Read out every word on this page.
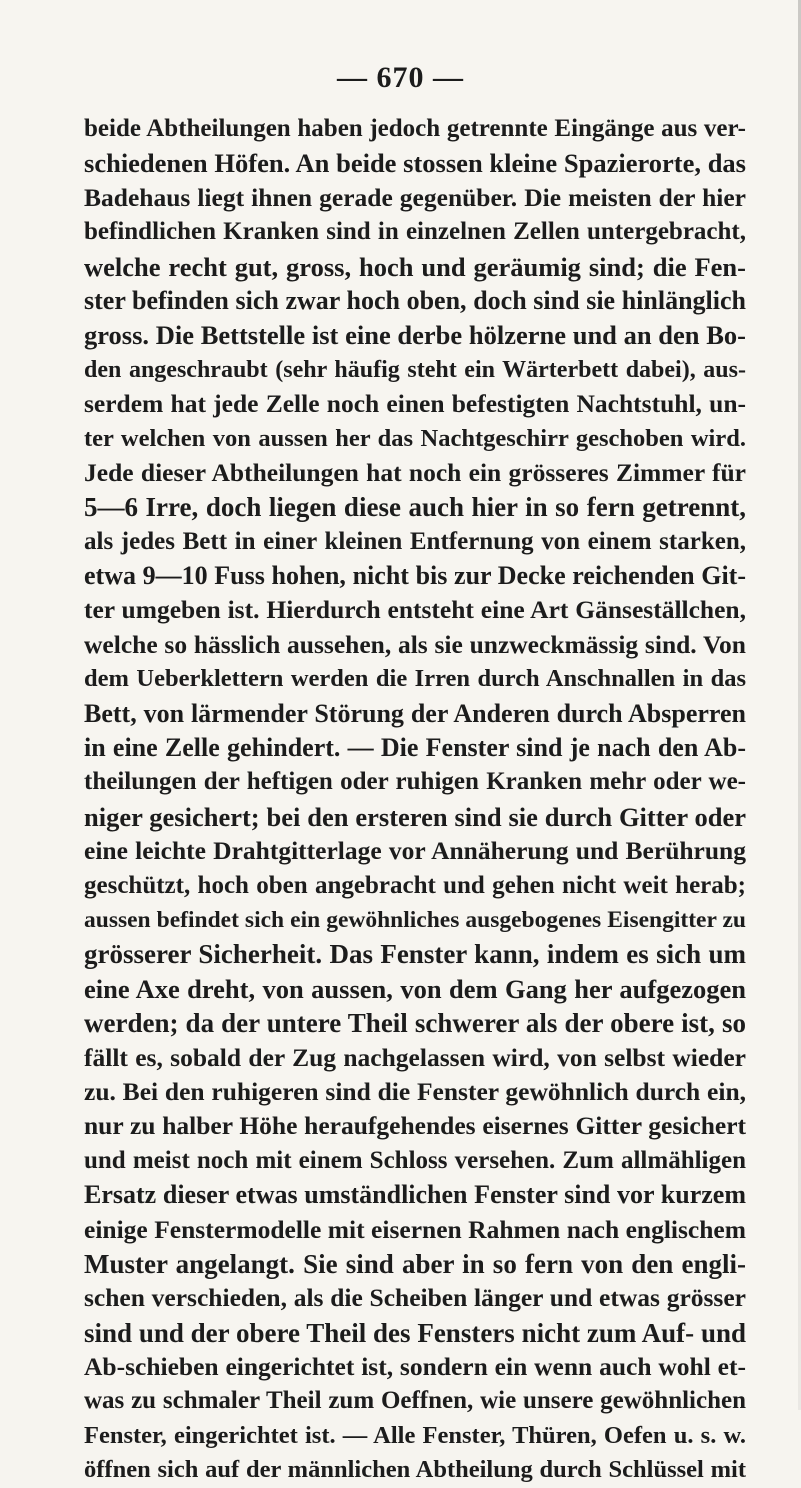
— 670 —
beide Abtheilungen haben jedoch getrennte Eingänge aus ver-
schiedenen Höfen. An beide stossen kleine Spazierorte, das
Badehaus liegt ihnen gerade gegenüber. Die meisten der hier
befindlichen Kranken sind in einzelnen Zellen untergebracht,
welche recht gut, gross, hoch und geräumig sind; die Fen-
ster befinden sich zwar hoch oben, doch sind sie hinlänglich
gross. Die Bettstelle ist eine derbe hölzerne und an den Bo-
den angeschraubt (sehr häufig steht ein Wärterbett dabei), aus-
serdem hat jede Zelle noch einen befestigten Nachtstuhl, un-
ter welchen von aussen her das Nachtgeschirr geschoben wird.
Jede dieser Abtheilungen hat noch ein grösseres Zimmer für
5—6 Irre, doch liegen diese auch hier in so fern getrennt,
als jedes Bett in einer kleinen Entfernung von einem starken,
etwa 9—10 Fuss hohen, nicht bis zur Decke reichenden Git-
ter umgeben ist. Hierdurch entsteht eine Art Gänseställchen,
welche so hässlich aussehen, als sie unzweckmässig sind. Von
dem Ueberklettern werden die Irren durch Anschnallen in das
Bett, von lärmender Störung der Anderen durch Absperren
in eine Zelle gehindert. — Die Fenster sind je nach den Ab-
theilungen der heftigen oder ruhigen Kranken mehr oder we-
niger gesichert; bei den ersteren sind sie durch Gitter oder
eine leichte Drahtgitterlage vor Annäherung und Berührung
geschützt, hoch oben angebracht und gehen nicht weit herab;
aussen befindet sich ein gewöhnliches ausgebogenes Eisengitter zu
grösserer Sicherheit. Das Fenster kann, indem es sich um
eine Axe dreht, von aussen, von dem Gang her aufgezogen
werden; da der untere Theil schwerer als der obere ist, so
fällt es, sobald der Zug nachgelassen wird, von selbst wieder
zu. Bei den ruhigeren sind die Fenster gewöhnlich durch ein,
nur zu halber Höhe heraufgehendes eisernes Gitter gesichert
und meist noch mit einem Schloss versehen. Zum allmähligen
Ersatz dieser etwas umständlichen Fenster sind vor kurzem
einige Fenstermodelle mit eisernen Rahmen nach englischem
Muster angelangt. Sie sind aber in so fern von den engli-
schen verschieden, als die Scheiben länger und etwas grösser
sind und der obere Theil des Fensters nicht zum Auf- und
Ab-schieben eingerichtet ist, sondern ein wenn auch wohl et-
was zu schmaler Theil zum Oeffnen, wie unsere gewöhnlichen
Fenster, eingerichtet ist. — Alle Fenster, Thüren, Oefen u. s. w.
öffnen sich auf der männlichen Abtheilung durch Schlüssel mit
